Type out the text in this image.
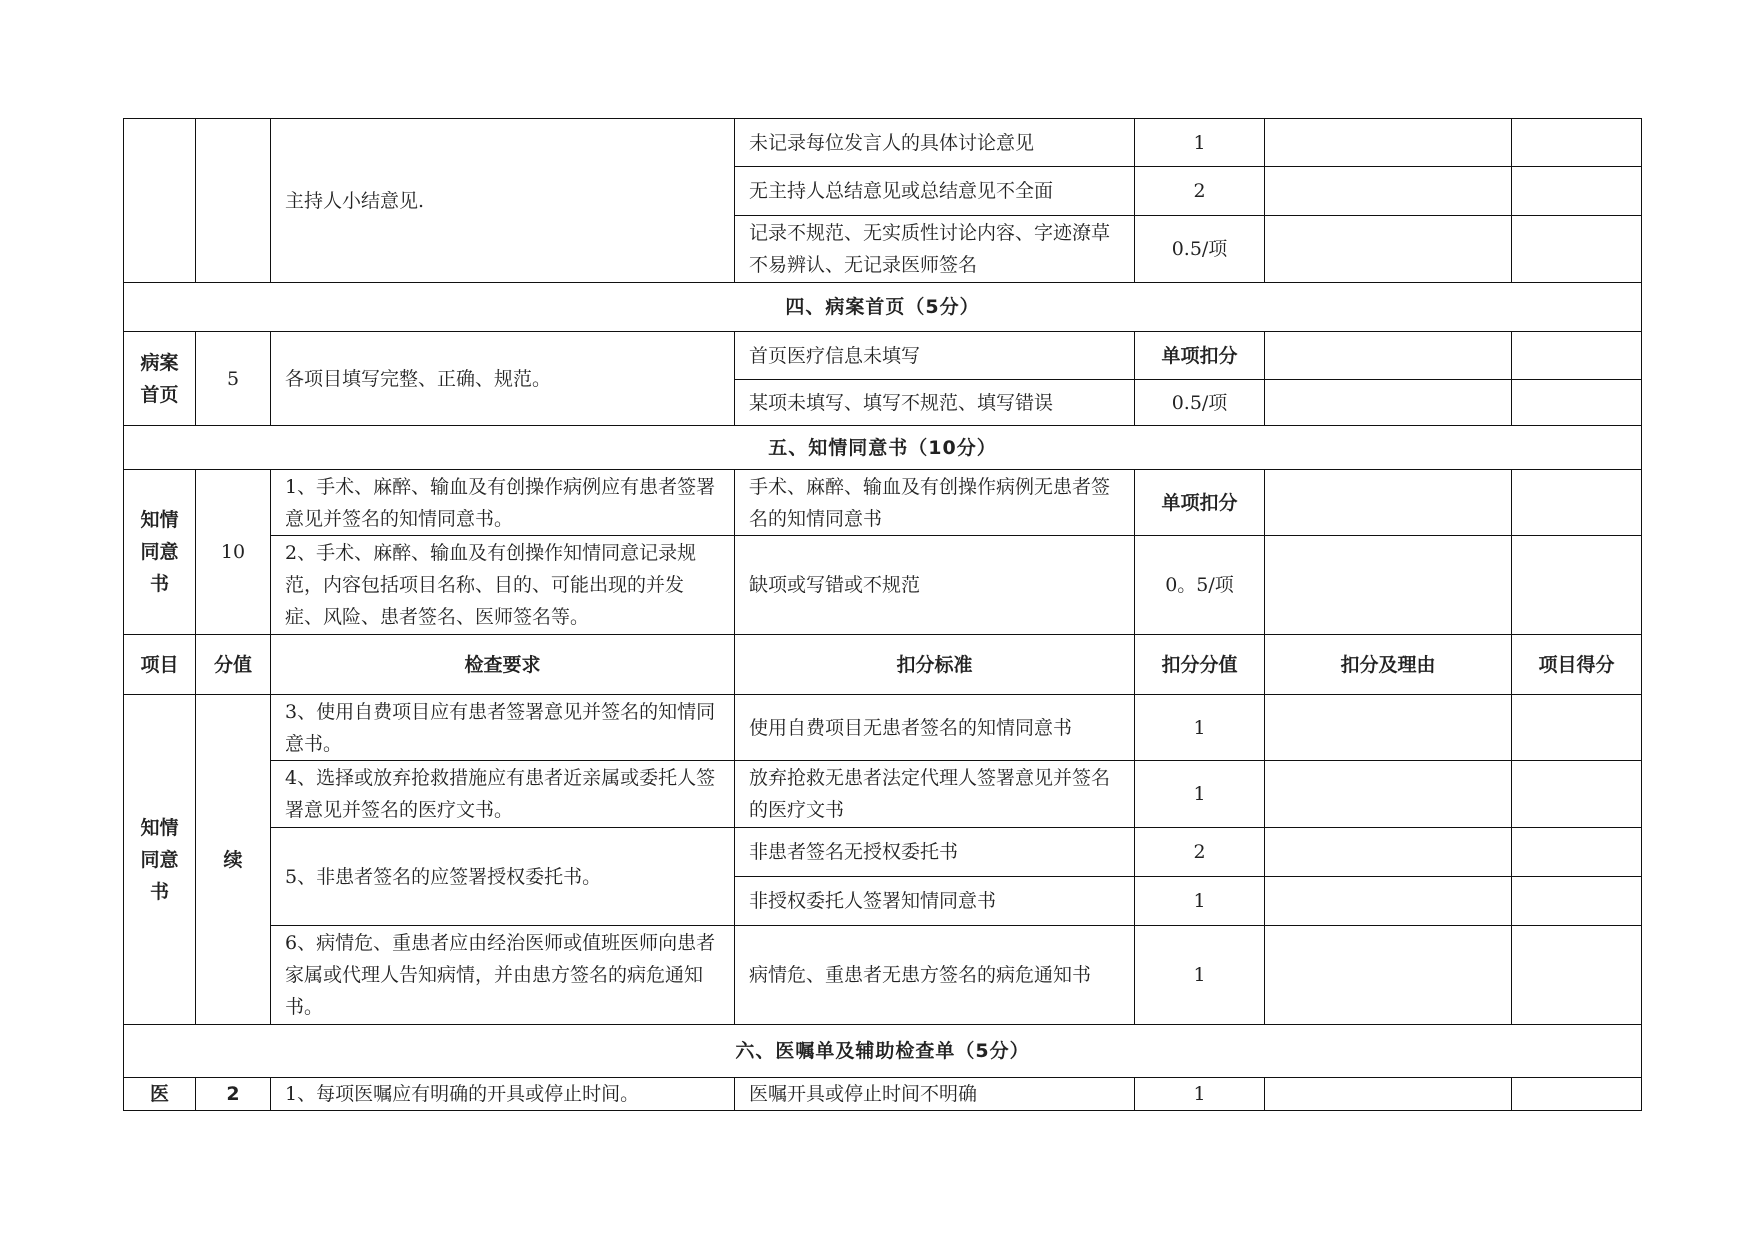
		主持人小结意见.	未记录每位发言人的具体讨论意见	1		
			无主持人总结意见或总结意见不全面	2		
			记录不规范、无实质性讨论内容、字迹潦草不易辨认、无记录医师签名	0.5/项		
四、病案首页（5分）						
病案首页	5	各项目填写完整、正确、规范。	首页医疗信息未填写	单项扣分		
			某项未填写、填写不规范、填写错误	0.5/项		
五、知情同意书（10分）						
知情同意书	10	1、手术、麻醉、输血及有创操作病例应有患者签署意见并签名的知情同意书。	手术、麻醉、输血及有创操作病例无患者签名的知情同意书	单项扣分		
		2、手术、麻醉、输血及有创操作知情同意记录规范，内容包括项目名称、目的、可能出现的并发症、风险、患者签名、医师签名等。	缺项或写错或不规范	0。5/项		
项目	分值	检查要求	扣分标准	扣分分值	扣分及理由	项目得分
知情同意书	续	3、使用自费项目应有患者签署意见并签名的知情同意书。	使用自费项目无患者签名的知情同意书	1		
		4、选择或放弃抢救措施应有患者近亲属或委托人签署意见并签名的医疗文书。	放弃抢救无患者法定代理人签署意见并签名的医疗文书	1		
		5、非患者签名的应签署授权委托书。	非患者签名无授权委托书	2		
			非授权委托人签署知情同意书	1		
		6、病情危、重患者应由经治医师或值班医师向患者家属或代理人告知病情，并由患方签名的病危通知书。	病情危、重患者无患方签名的病危通知书	1		
六、医嘱单及辅助检查单（5分）						
医	2	1、每项医嘱应有明确的开具或停止时间。	医嘱开具或停止时间不明确	1		
